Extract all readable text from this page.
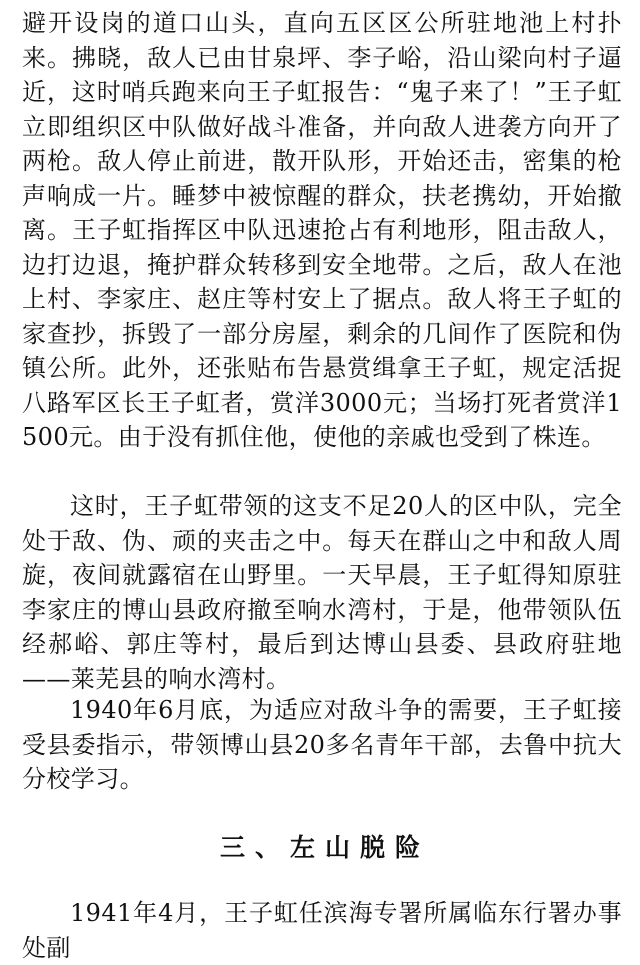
避开设岗的道口山头，直向五区区公所驻地池上村扑来。拂晓，敌人已由甘泉坪、李子峪，沿山梁向村子逼近，这时哨兵跑来向王子虹报告：“鬼子来了！”王子虹立即组织区中队做好战斗准备，并向敌人进袭方向开了两枪。敌人停止前进，散开队形，开始还击，密集的枪声响成一片。睡梦中被惊醒的群众，扶老携幼，开始撤离。王子虹指挥区中队迅速抢占有利地形，阻击敌人，边打边退，掩护群众转移到安全地带。之后，敌人在池上村、李家庄、赵庄等村安上了据点。敌人将王子虹的家查抄，拆毁了一部分房屋，剩余的几间作了医院和伪镇公所。此外，还张贴布告悬赏缉拿王子虹，规定活捉八路军区长王子虹者，赏洋3000元；当场打死者赏洋1500元。由于没有抓住他，使他的亲戚也受到了株连。

这时，王子虹带领的这支不足20人的区中队，完全处于敌、伪、顽的夹击之中。每天在群山之中和敌人周旋，夜间就露宿在山野里。一天早晨，王子虹得知原驻李家庄的博山县政府撤至响水湾村，于是，他带领队伍经郝峪、郭庄等村，最后到达博山县委、县政府驻地——莱芜县的响水湾村。

1940年6月底，为适应对敌斗争的需要，王子虹接受县委指示，带领博山县20多名青年干部，去鲁中抗大分校学习。

三、左山脱险

1941年4月，王子虹任滨海专署所属临东行署办事处副
